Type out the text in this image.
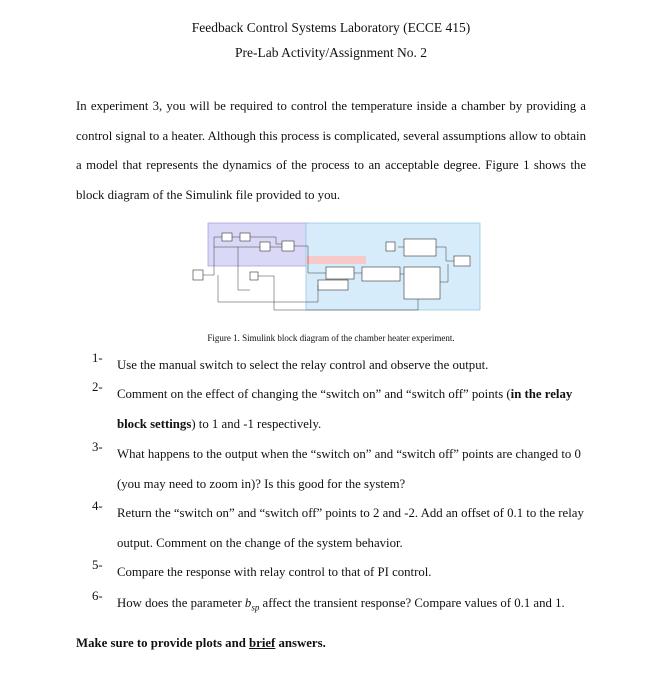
Feedback Control Systems Laboratory (ECCE 415)
Pre-Lab Activity/Assignment No. 2
In experiment 3, you will be required to control the temperature inside a chamber by providing a control signal to a heater. Although this process is complicated, several assumptions allow to obtain a model that represents the dynamics of the process to an acceptable degree. Figure 1 shows the block diagram of the Simulink file provided to you.
Figure 1. Simulink block diagram of the chamber heater experiment.
1- Use the manual switch to select the relay control and observe the output.
2- Comment on the effect of changing the “switch on” and “switch off” points (in the relay block settings) to 1 and -1 respectively.
3- What happens to the output when the “switch on” and “switch off” points are changed to 0 (you may need to zoom in)? Is this good for the system?
4- Return the “switch on” and “switch off” points to 2 and -2. Add an offset of 0.1 to the relay output. Comment on the change of the system behavior.
5- Compare the response with relay control to that of PI control.
6- How does the parameter $b_{sp}$ affect the transient response? Compare values of 0.1 and 1.
Make sure to provide plots and brief answers.
